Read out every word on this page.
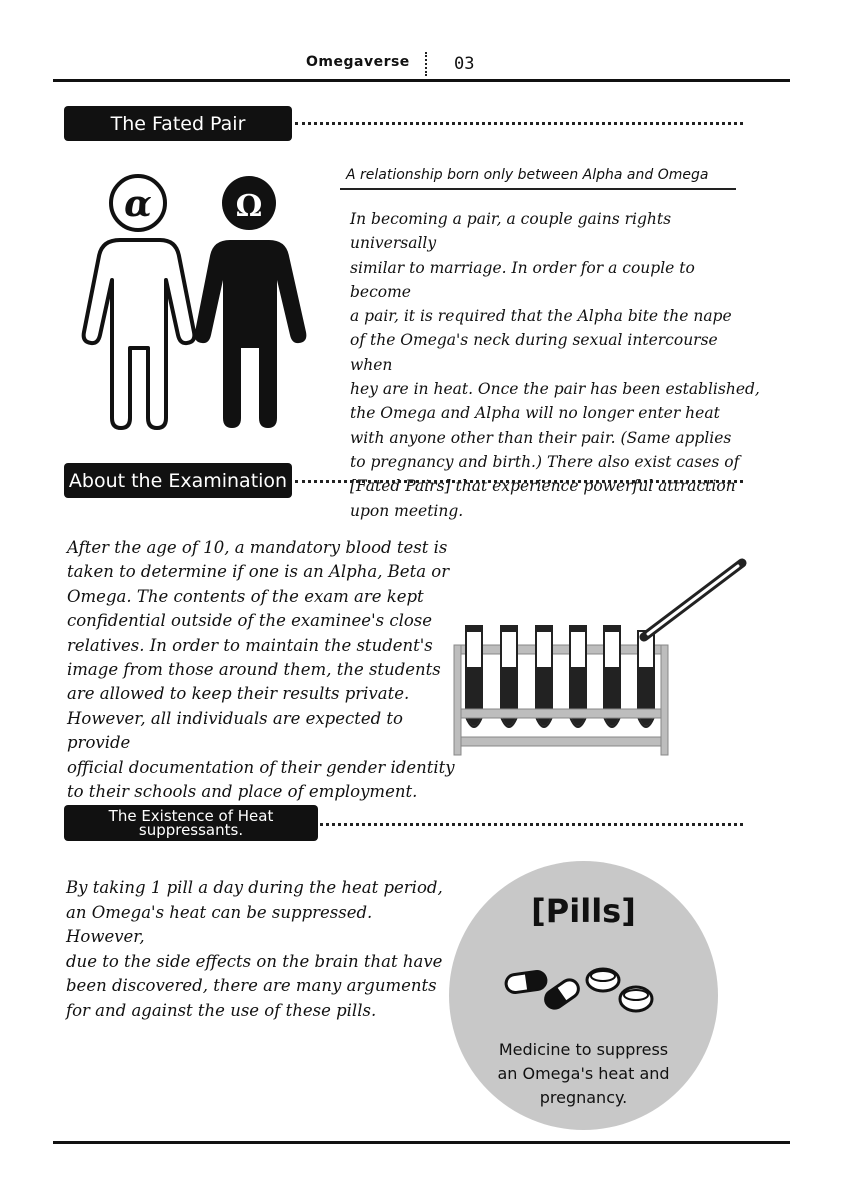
Omegaverse	03
The Fated Pair
α	Ω
A relationship born only between Alpha and Omega
In becoming a pair, a couple gains rights universally
similar to marriage. In order for a couple to become
a pair, it is required that the Alpha bite the nape
of the Omega's neck during sexual intercourse when
hey are in heat. Once the pair has been established,
the Omega and Alpha will no longer enter heat
with anyone other than their pair. (Same applies
to pregnancy and birth.) There also exist cases of
[Fated Pairs] that experience powerful attraction
upon meeting.
About the Examination
After the age of 10, a mandatory blood test is
taken to determine if one is an Alpha, Beta or
Omega. The contents of the exam are kept
confidential outside of the examinee's close
relatives. In order to maintain the student's
image from those around them, the students
are allowed to keep their results private.
However, all individuals are expected to provide
official documentation of their gender identity
to their schools and place of employment.
The Existence of Heat
suppressants.
By taking 1 pill a day during the heat period,
an Omega's heat can be suppressed. However,
due to the side effects on the brain that have
been discovered, there are many arguments
for and against the use of these pills.
[Pills]
Medicine to suppress
an Omega's heat and
pregnancy.
